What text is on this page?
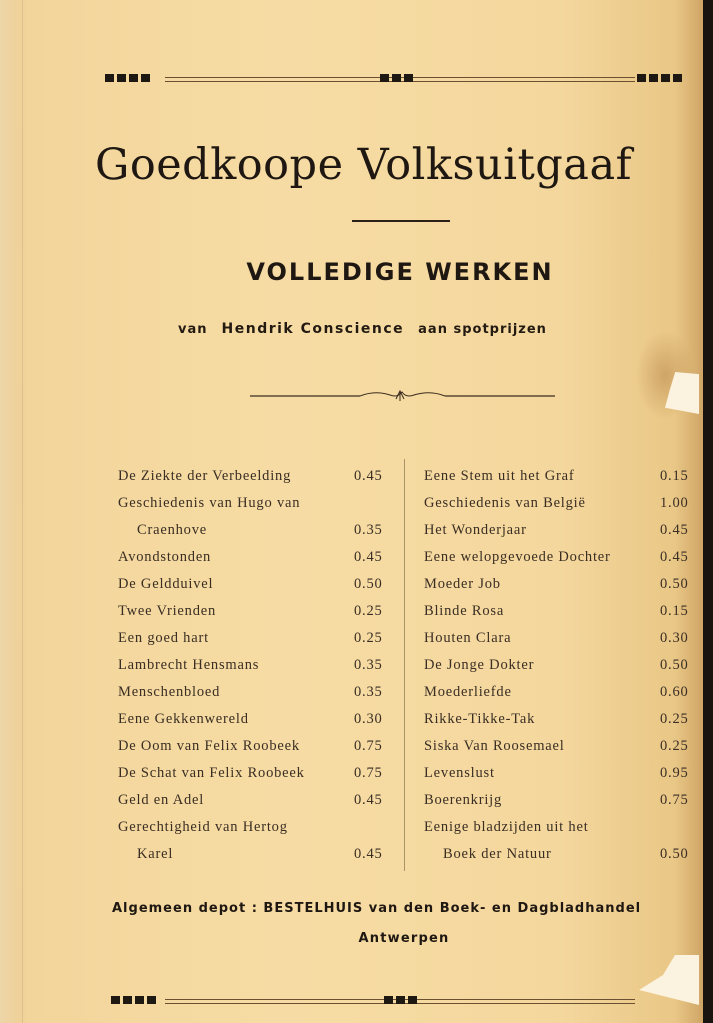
Goedkoope Volksuitgaaf
VOLLEDIGE WERKEN
van Hendrik Conscience aan spotprijzen
De Ziekte der Verbeelding	0.45
Geschiedenis van Hugo van
Craenhove	0.35
Avondstonden	0.45
De Geldduivel	0.50
Twee Vrienden	0.25
Een goed hart	0.25
Lambrecht Hensmans	0.35
Menschenbloed	0.35
Eene Gekkenwereld	0.30
De Oom van Felix Roobeek	0.75
De Schat van Felix Roobeek	0.75
Geld en Adel	0.45
Gerechtigheid van Hertog
Karel	0.45
Eene Stem uit het Graf	0.15
Geschiedenis van België	1.00
Het Wonderjaar	0.45
Eene welopgevoede Dochter	0.45
Moeder Job	0.50
Blinde Rosa	0.15
Houten Clara	0.30
De Jonge Dokter	0.50
Moederliefde	0.60
Rikke-Tikke-Tak	0.25
Siska Van Roosemael	0.25
Levenslust	0.95
Boerenkrijg	0.75
Eenige bladzijden uit het
Boek der Natuur	0.50
Algemeen depot : BESTELHUIS van den Boek- en Dagbladhandel
Antwerpen
